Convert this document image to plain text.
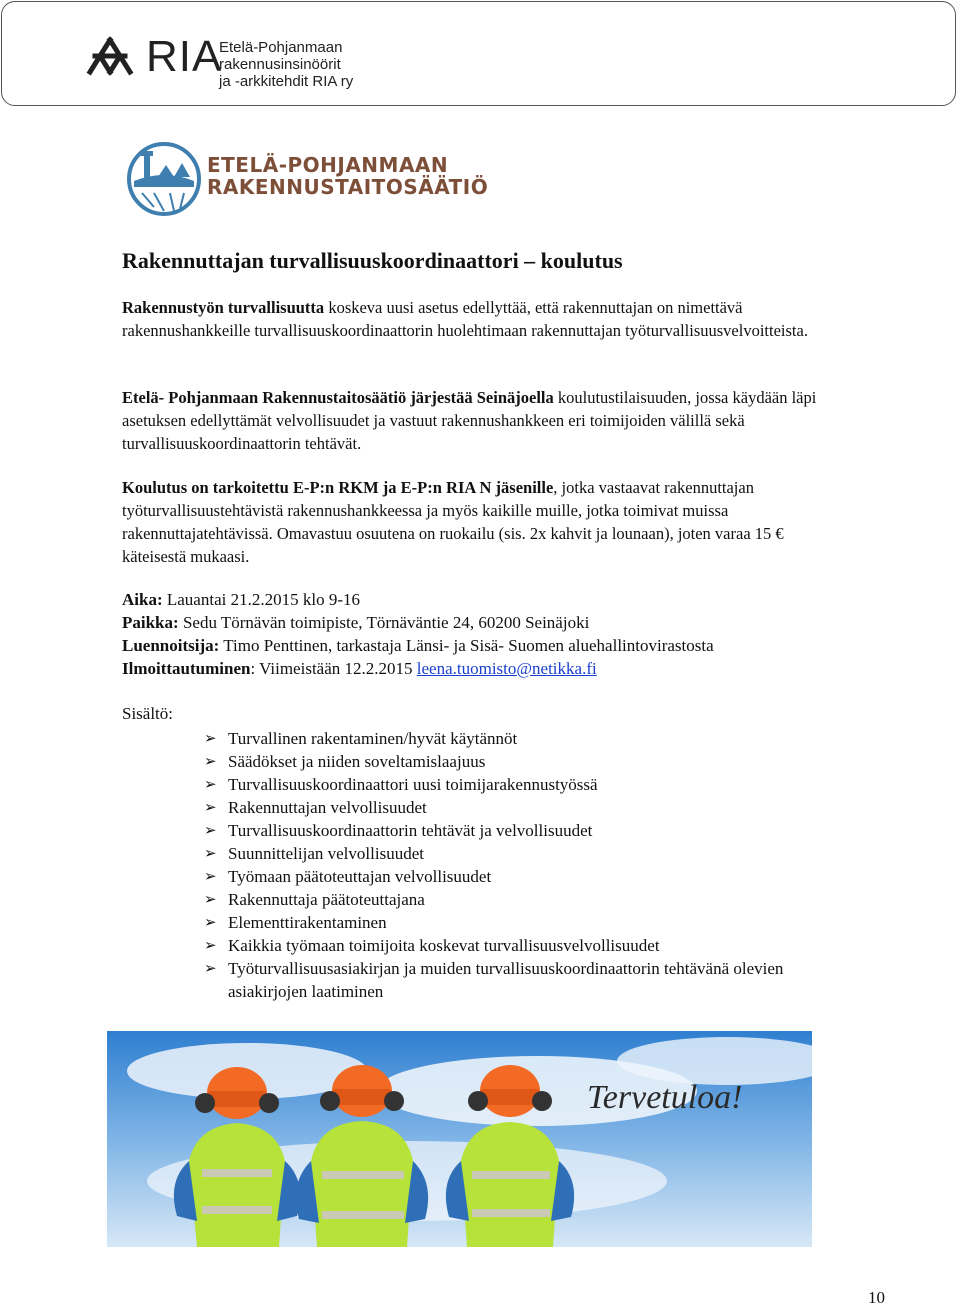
RIA
Etelä-Pohjanmaan
rakennusinsinöörit
ja -arkkitehdit RIA ry
ETELÄ-POHJANMAAN
RAKENNUSTAITOSÄÄTIÖ
Rakennuttajan turvallisuuskoordinaattori – koulutus
Rakennustyön turvallisuutta koskeva uusi asetus edellyttää, että rakennuttajan on nimettävä rakennushankkeille turvallisuuskoordinaattorin huolehtimaan rakennuttajan työturvallisuusvelvoitteista.
Etelä- Pohjanmaan Rakennustaitosäätiö järjestää Seinäjoella koulutustilaisuuden, jossa käydään läpi asetuksen edellyttämät velvollisuudet ja vastuut rakennushankkeen eri toimijoiden välillä sekä turvallisuuskoordinaattorin tehtävät.
Koulutus on tarkoitettu E-P:n RKM ja E-P:n RIA N jäsenille, jotka vastaavat rakennuttajan työturvallisuustehtävistä rakennushankkeessa ja myös kaikille muille, jotka toimivat muissa rakennuttajatehtävissä. Omavastuu osuutena on ruokailu (sis. 2x kahvit ja lounaan), joten varaa 15 € käteisestä mukaasi.
Aika: Lauantai 21.2.2015 klo 9-16
Paikka: Sedu Törnävän toimipiste, Törnäväntie 24, 60200 Seinäjoki
Luennoitsija: Timo Penttinen, tarkastaja Länsi- ja Sisä- Suomen aluehallintovirastosta
Ilmoittautuminen: Viimeistään 12.2.2015 leena.tuomisto@netikka.fi
Sisältö:
➢ Turvallinen rakentaminen/hyvät käytännöt
➢ Säädökset ja niiden soveltamislaajuus
➢ Turvallisuuskoordinaattori uusi toimijarakennustyössä
➢ Rakennuttajan velvollisuudet
➢ Turvallisuuskoordinaattorin tehtävät ja velvollisuudet
➢ Suunnittelijan velvollisuudet
➢ Työmaan päätoteuttajan velvollisuudet
➢ Rakennuttaja päätoteuttajana
➢ Elementtirakentaminen
➢ Kaikkia työmaan toimijoita koskevat turvallisuusvelvollisuudet
➢ Työturvallisuusasiakirjan ja muiden turvallisuuskoordinaattorin tehtävänä olevien asiakirjojen laatiminen
Tervetuloa!
10
